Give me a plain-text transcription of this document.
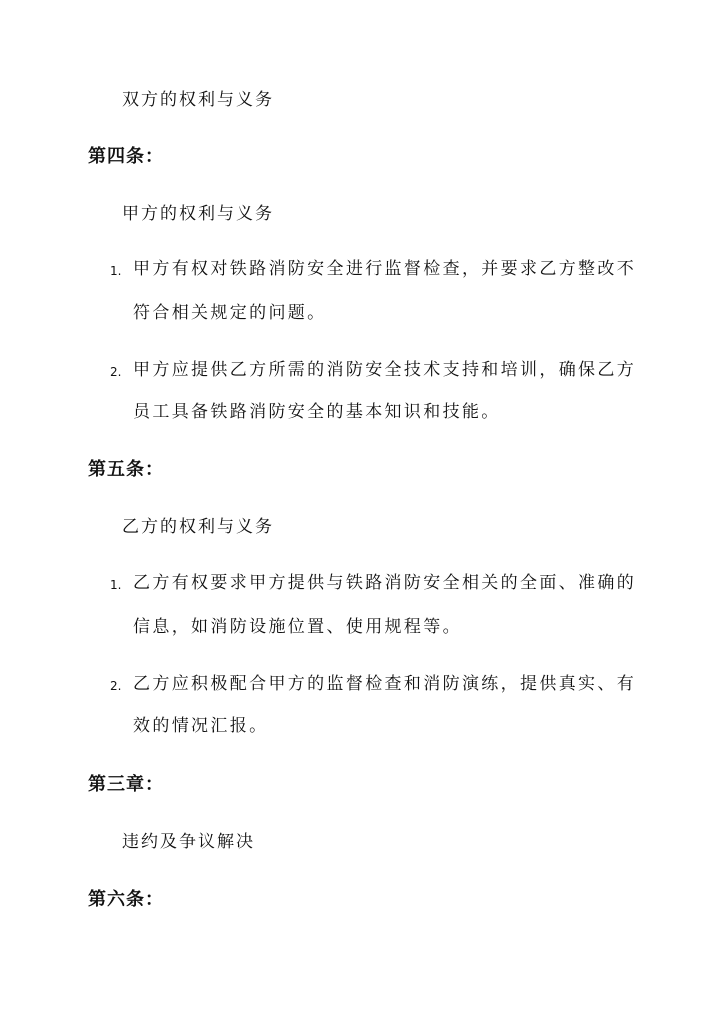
双方的权利与义务
第四条：
甲方的权利与义务
1. 甲方有权对铁路消防安全进行监督检查，并要求乙方整改不
符合相关规定的问题。
2. 甲方应提供乙方所需的消防安全技术支持和培训，确保乙方
员工具备铁路消防安全的基本知识和技能。
第五条：
乙方的权利与义务
1. 乙方有权要求甲方提供与铁路消防安全相关的全面、准确的
信息，如消防设施位置、使用规程等。
2. 乙方应积极配合甲方的监督检查和消防演练，提供真实、有
效的情况汇报。
第三章：
违约及争议解决
第六条：
